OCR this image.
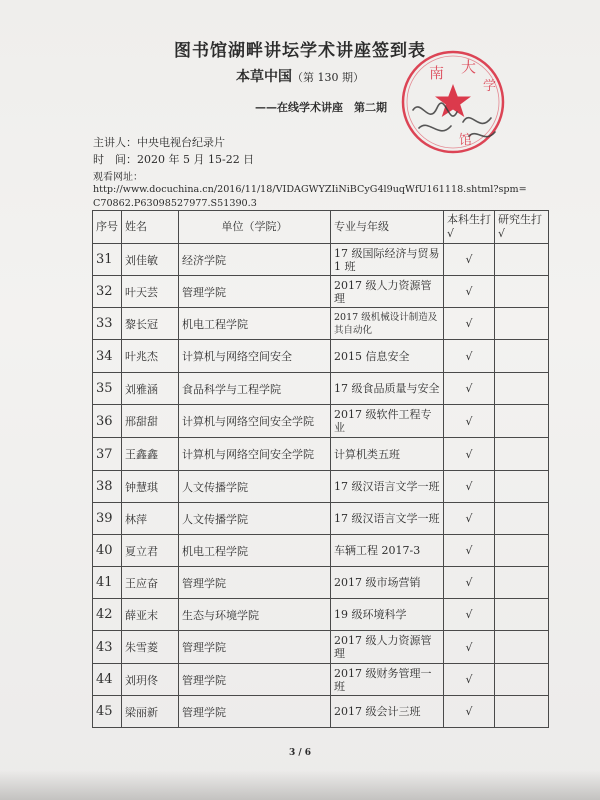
图书馆湖畔讲坛学术讲座签到表
本草中国（第 130 期）
——在线学术讲座　第二期
主讲人：中央电视台纪录片
时　间：2020 年 5 月 15-22 日
观看网址：
http://www.docuchina.cn/2016/11/18/VIDAGWYZIiNiBCyG4l9uqWfU161118.shtml?spm=C70862.P63098527977.S51390.3
南 大
学
馆
序号	姓名	单位（学院）	专业与年级	本科生打 √	研究生打 √
31	刘佳敏	经济学院	17 级国际经济与贸易 1 班	√	
32	叶天芸	管理学院	2017 级人力资源管理	√	
33	黎长冠	机电工程学院	2017 级机械设计制造及其自动化	√	
34	叶兆杰	计算机与网络空间安全	2015 信息安全	√	
35	刘雅涵	食品科学与工程学院	17 级食品质量与安全	√	
36	邢甜甜	计算机与网络空间安全学院	2017 级软件工程专业	√	
37	王鑫鑫	计算机与网络空间安全学院	计算机类五班	√	
38	钟慧琪	人文传播学院	17 级汉语言文学一班	√	
39	林萍	人文传播学院	17 级汉语言文学一班	√	
40	夏立君	机电工程学院	车辆工程 2017-3	√	
41	王应奋	管理学院	2017 级市场营销	√	
42	薛亚末	生态与环境学院	19 级环境科学	√	
43	朱雪菱	管理学院	2017 级人力资源管理	√	
44	刘玥佟	管理学院	2017 级财务管理一班	√	
45	梁丽新	管理学院	2017 级会计三班	√	
3 / 6
